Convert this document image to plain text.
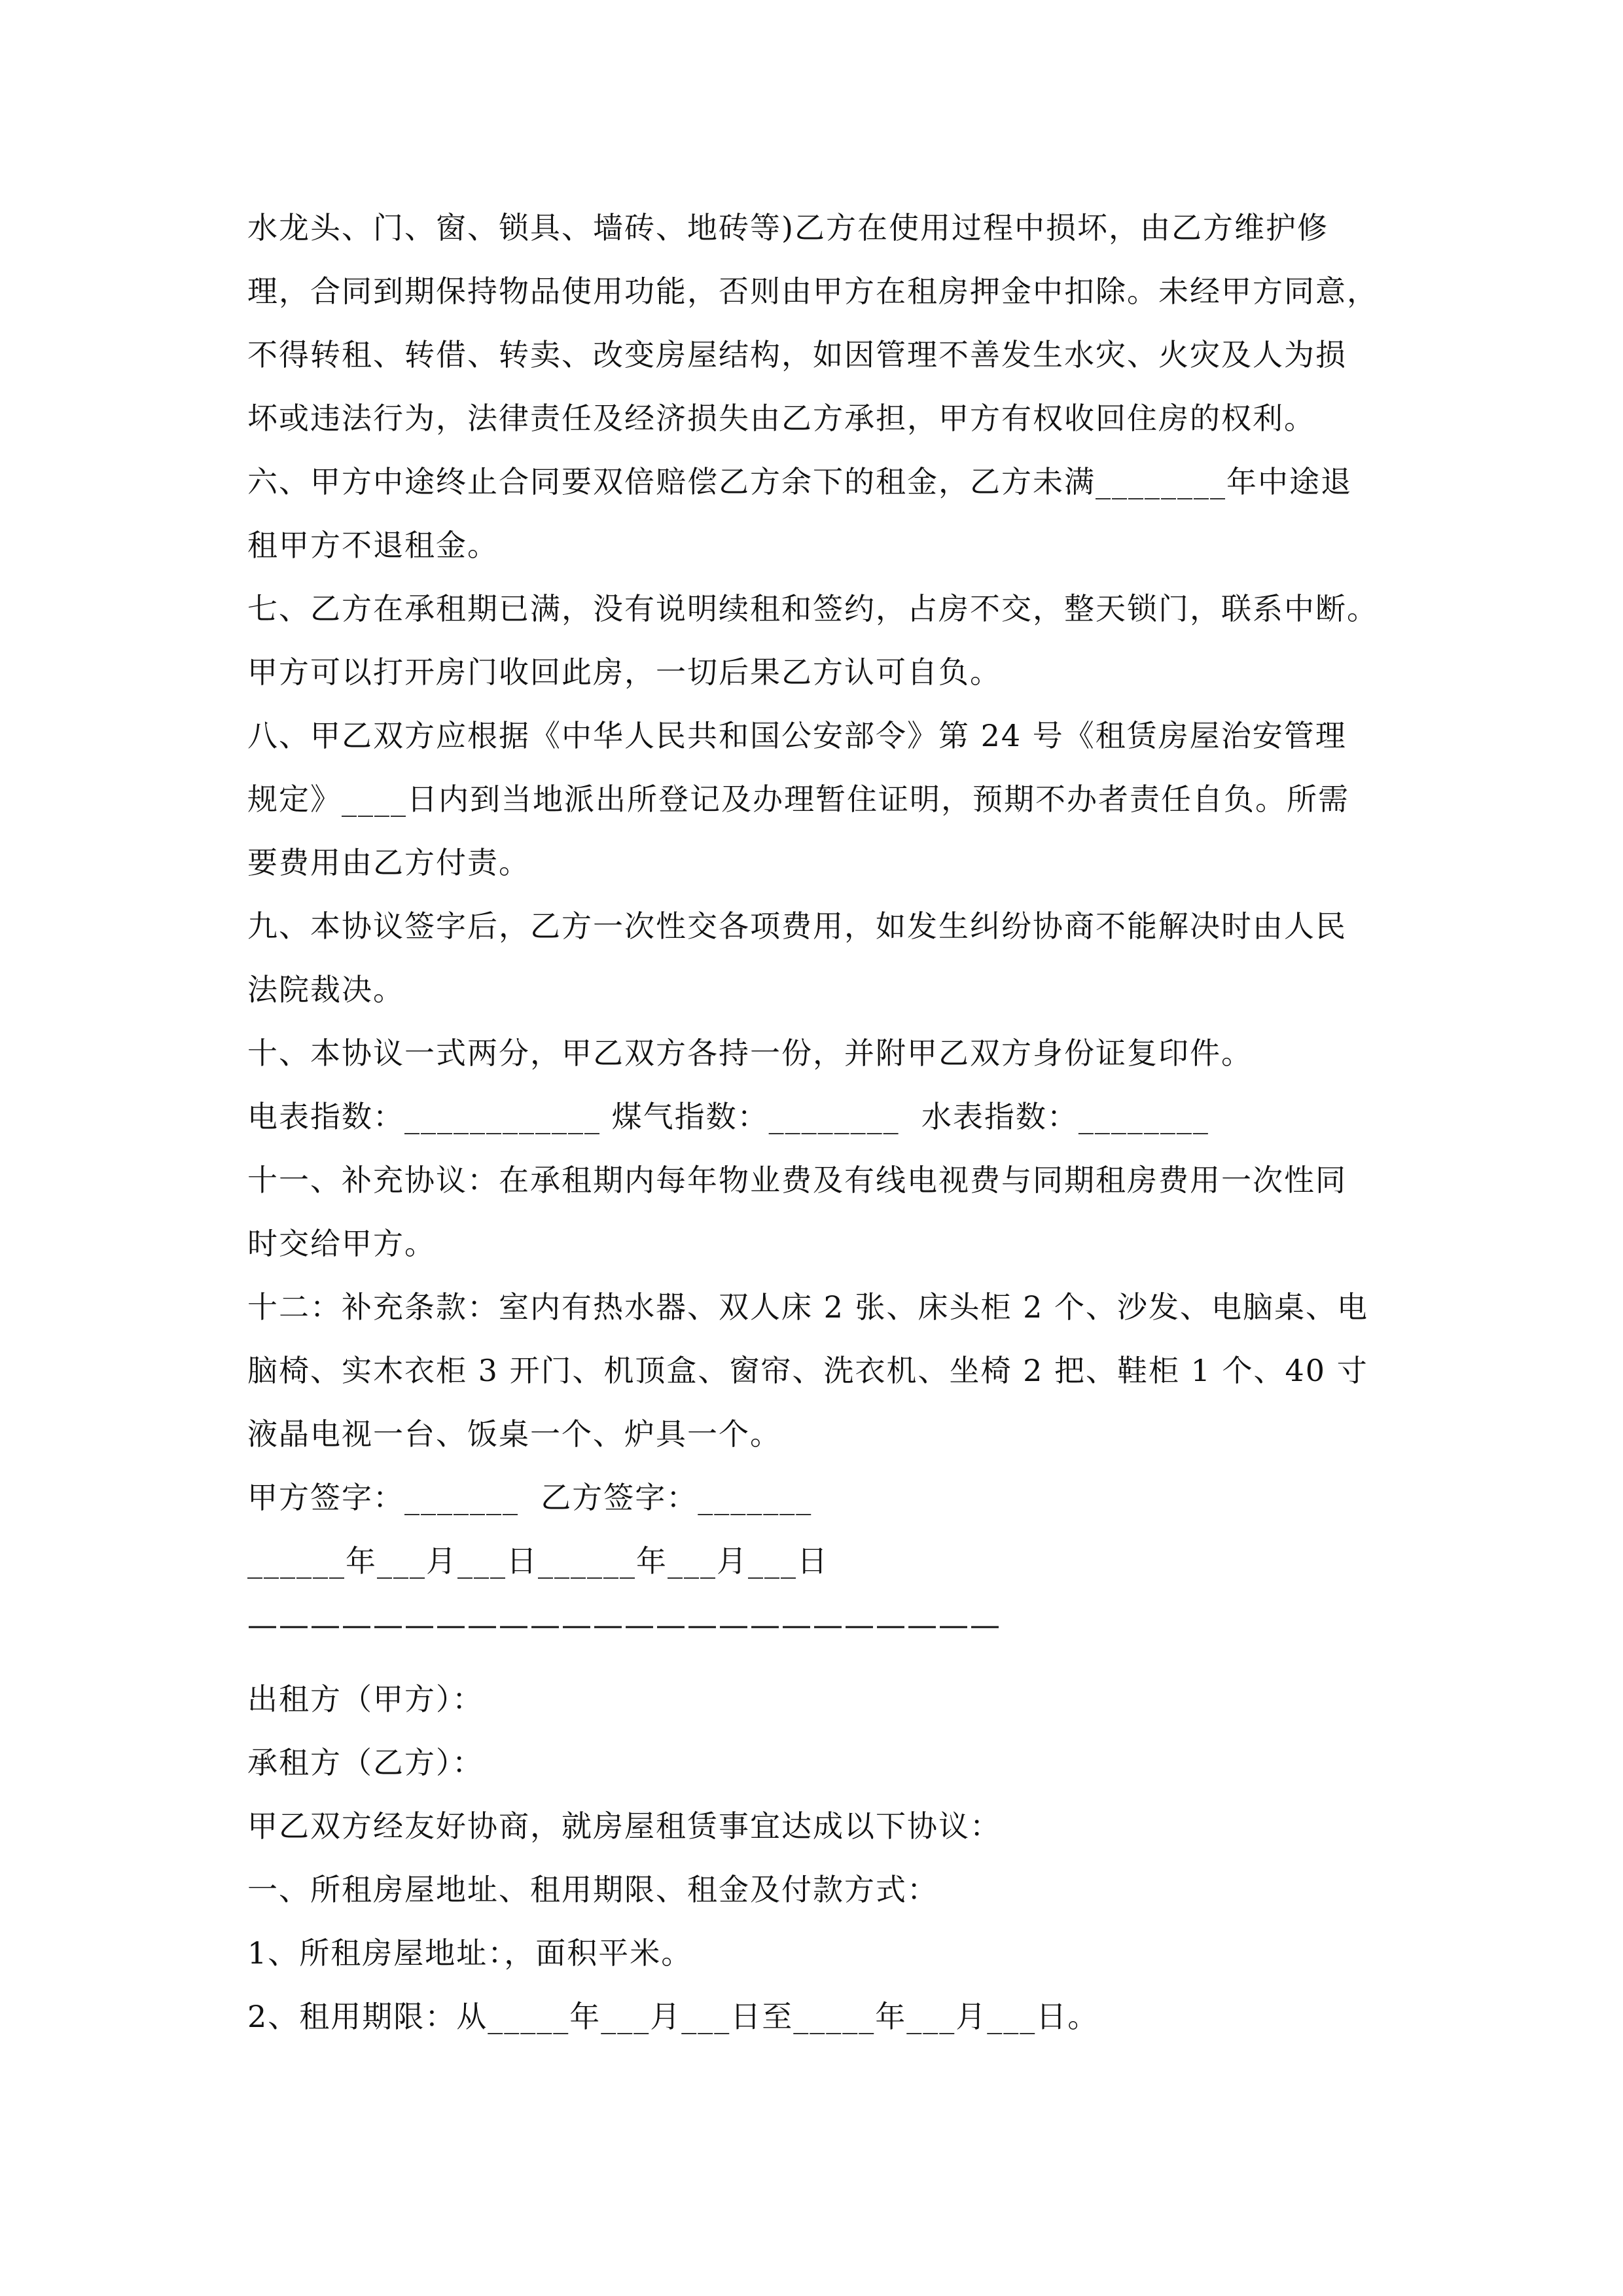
水龙头、门、窗、锁具、墙砖、地砖等)乙方在使用过程中损坏，由乙方维护修
理，合同到期保持物品使用功能，否则由甲方在租房押金中扣除。未经甲方同意，
不得转租、转借、转卖、改变房屋结构，如因管理不善发生水灾、火灾及人为损
坏或违法行为，法律责任及经济损失由乙方承担，甲方有权收回住房的权利。
六、甲方中途终止合同要双倍赔偿乙方余下的租金，乙方未满________年中途退
租甲方不退租金。
七、乙方在承租期已满，没有说明续租和签约，占房不交，整天锁门，联系中断。
甲方可以打开房门收回此房，一切后果乙方认可自负。
八、甲乙双方应根据《中华人民共和国公安部令》第 24 号《租赁房屋治安管理
规定》____日内到当地派出所登记及办理暂住证明，预期不办者责任自负。所需
要费用由乙方付责。
九、本协议签字后，乙方一次性交各项费用，如发生纠纷协商不能解决时由人民
法院裁决。
十、本协议一式两分，甲乙双方各持一份，并附甲乙双方身份证复印件。
电表指数：____________ 煤气指数：________  水表指数：________
十一、补充协议：在承租期内每年物业费及有线电视费与同期租房费用一次性同
时交给甲方。
十二：补充条款：室内有热水器、双人床 2 张、床头柜 2 个、沙发、电脑桌、电
脑椅、实木衣柜 3 开门、机顶盒、窗帘、洗衣机、坐椅 2 把、鞋柜 1 个、40 寸
液晶电视一台、饭桌一个、炉具一个。
甲方签字：_______  乙方签字：_______
______年___月___日______年___月___日
————————————————————————
出租方（甲方）：
承租方（乙方）：
甲乙双方经友好协商，就房屋租赁事宜达成以下协议：
一、所租房屋地址、租用期限、租金及付款方式：
1、所租房屋地址：，面积平米。
2、租用期限：从_____年___月___日至_____年___月___日。
